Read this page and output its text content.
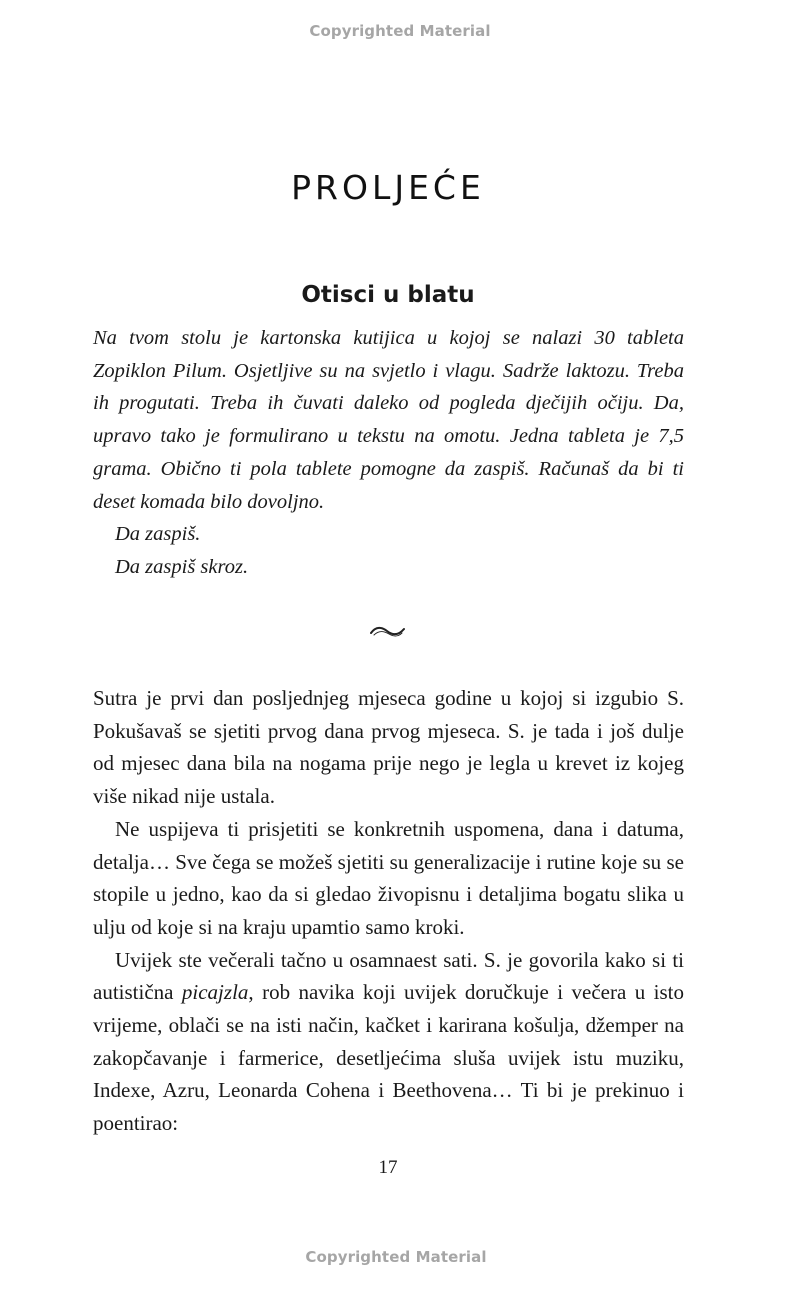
Copyrighted Material
PROLJEĆE
Otisci u blatu

Na tvom stolu je kartonska kutijica u kojoj se nalazi 30 tableta Zopiklon Pilum. Osjetljive su na svjetlo i vlagu. Sadrže laktozu. Treba ih progutati. Treba ih čuvati daleko od pogleda dječijih očiju. Da, upravo tako je formulirano u tekstu na omotu. Jedna tableta je 7,5 grama. Obično ti pola tablete pomogne da zaspiš. Računaš da bi ti deset komada bilo dovoljno.

Da zaspiš.

Da zaspiš skroz.

Sutra je prvi dan posljednjeg mjeseca godine u kojoj si izgubio S. Pokušavaš se sjetiti prvog dana prvog mjeseca. S. je tada i još dulje od mjesec dana bila na nogama prije nego je legla u krevet iz kojeg više nikad nije ustala.

Ne uspijeva ti prisjetiti se konkretnih uspomena, dana i datuma, detalja… Sve čega se možeš sjetiti su generalizacije i rutine koje su se stopile u jedno, kao da si gledao živopisnu i detaljima bogatu slika u ulju od koje si na kraju upamtio samo kroki.

Uvijek ste večerali tačno u osamnaest sati. S. je govorila kako si ti autistična picajzla, rob navika koji uvijek doručkuje i večera u isto vrijeme, oblači se na isti način, kačket i karirana košulja, džemper na zakopčavanje i farmerice, desetljećima sluša uvijek istu muziku, Indexe, Azru, Leonarda Cohena i Beethovena… Ti bi je prekinuo i poentirao:

17
Copyrighted Material
